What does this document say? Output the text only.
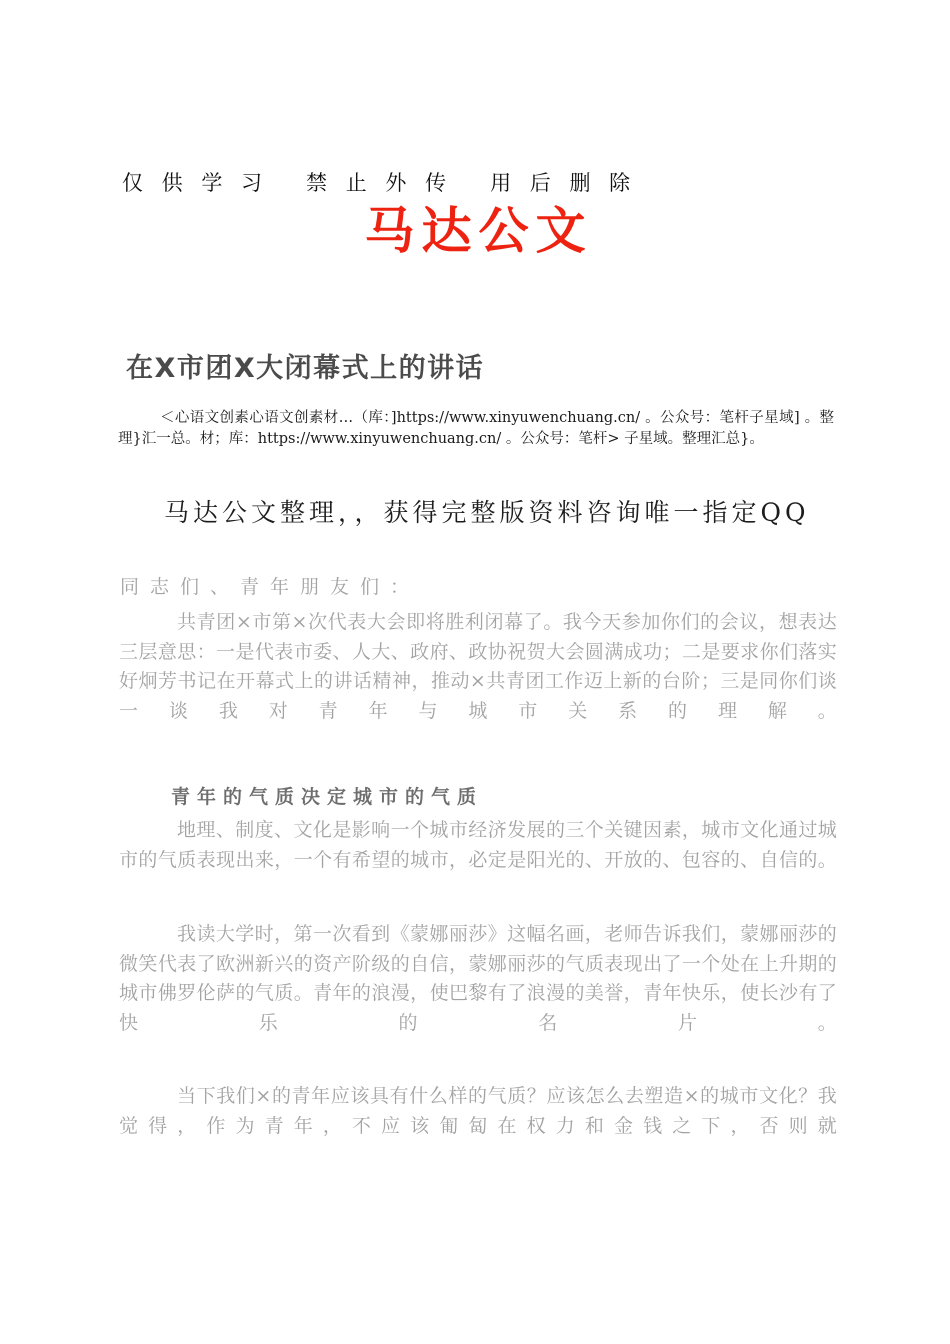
仅 供 学 习   禁 止 外 传   用 后 删 除

马达公文

在X市团X大闭幕式上的讲话

＜心语文创素心语文创素材…（库：]https://www.xinyuwenchuang.cn/ 。公众号：笔杆子星域] 。整理}汇一总。材；库：https://www.xinyuwenchuang.cn/ 。公众号：笔杆> 子星域。整理汇总}。

马达公文整理，，获得完整版资料咨询唯一指定QQ

同志们、青年朋友们：

共青团×市第×次代表大会即将胜利闭幕了。我今天参加你们的会议，想表达三层意思：一是代表市委、人大、政府、政协祝贺大会圆满成功；二是要求你们落实好炯芳书记在开幕式上的讲话精神，推动×共青团工作迈上新的台阶；三是同你们谈一谈我对青年与城市关系的理解。

青年的气质决定城市的气质

地理、制度、文化是影响一个城市经济发展的三个关键因素，城市文化通过城市的气质表现出来，一个有希望的城市，必定是阳光的、开放的、包容的、自信的。

我读大学时，第一次看到《蒙娜丽莎》这幅名画，老师告诉我们，蒙娜丽莎的微笑代表了欧洲新兴的资产阶级的自信，蒙娜丽莎的气质表现出了一个处在上升期的城市佛罗伦萨的气质。青年的浪漫，使巴黎有了浪漫的美誉，青年快乐，使长沙有了快乐的名片。

当下我们×的青年应该具有什么样的气质？应该怎么去塑造×的城市文化？我觉得，作为青年，不应该匍匐在权力和金钱之下，否则就
